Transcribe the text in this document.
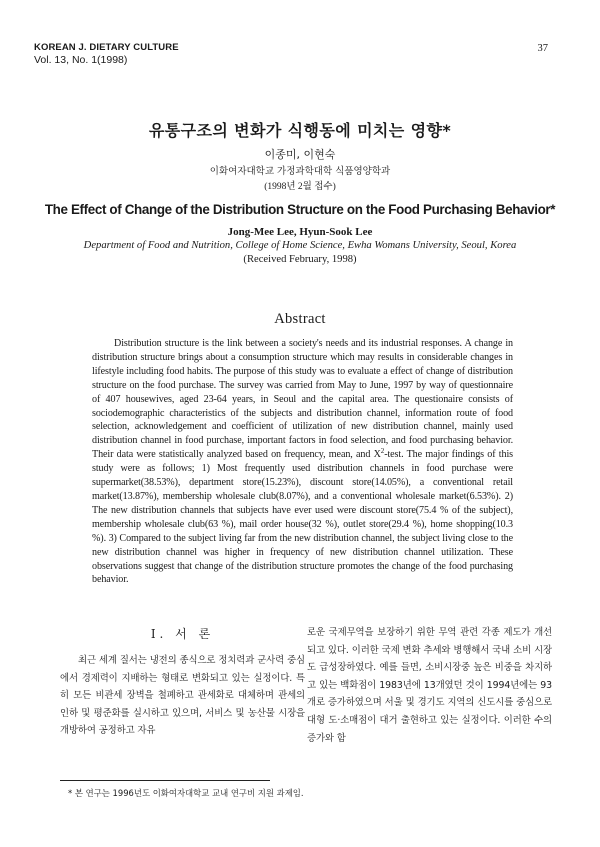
KOREAN J. DIETARY CULTURE
Vol. 13, No. 1(1998)
37
유통구조의 변화가 식행동에 미치는 영향*
이종미, 이현숙
이화여자대학교 가정과학대학 식품영양학과
(1998년 2월 접수)
The Effect of Change of the Distribution Structure on the Food Purchasing Behavior*
Jong-Mee Lee, Hyun-Sook Lee
Department of Food and Nutrition, College of Home Science, Ewha Womans University, Seoul, Korea
(Received February, 1998)
Abstract

Distribution structure is the link between a society's needs and its industrial responses. A change in distribution structure brings about a consumption structure which may results in considerable changes in lifestyle including food habits. The purpose of this study was to evaluate a effect of change of distribution structure on the food purchase. The survey was carried from May to June, 1997 by way of questionnaire of 407 housewives, aged 23-64 years, in Seoul and the capital area. The questionaire consists of sociodemographic characteristics of the subjects and distribution channel, information route of food selection, acknowledgement and coefficient of utilization of new distribution channel, mainly used distribution channel in food purchase, important factors in food selection, and food purchasing behavior. Their data were statistically analyzed based on frequency, mean, and $X^2$-test. The major findings of this study were as follows; 1) Most frequently used distribution channels in food purchase were supermarket(38.53%), department store(15.23%), discount store(14.05%), a conventional retail market(13.87%), membership wholesale club(8.07%), and a conventional wholesale market(6.53%). 2) The new distribution channels that subjects have ever used were discount store(75.4 % of the subject), membership wholesale club(63 %), mail order house(32 %), outlet store(29.4 %), home shopping(10.3 %). 3) Compared to the subject living far from the new distribution channel, the subject living close to the new distribution channel was higher in frequency of new distribution channel utilization. These observations suggest that change of the distribution structure promotes the change of the food purchasing behavior.

I. 서 론

최근 세계 질서는 냉전의 종식으로 정치력과 군사력 중심에서 경제력이 지배하는 형태로 변화되고 있는 실정이다. 특히 모든 비관세 장벽을 철폐하고 관세화로 대체하며 관세의 인하 및 평준화를 실시하고 있으며, 서비스 및 농산물 시장을 개방하여 공정하고 자유

로운 국제무역을 보장하기 위한 무역 관련 각종 제도가 개선되고 있다. 이러한 국제 변화 추세와 병행해서 국내 소비 시장도 급성장하였다. 예를 들면, 소비시장중 높은 비중을 차지하고 있는 백화점이 1983년에 13개였던 것이 1994년에는 93개로 증가하였으며 서울 및 경기도 지역의 신도시를 중심으로 대형 도·소매점이 대거 출현하고 있는 실정이다. 이러한 수의 증가와 함

* 본 연구는 1996년도 이화여자대학교 교내 연구비 지원 과제임.
